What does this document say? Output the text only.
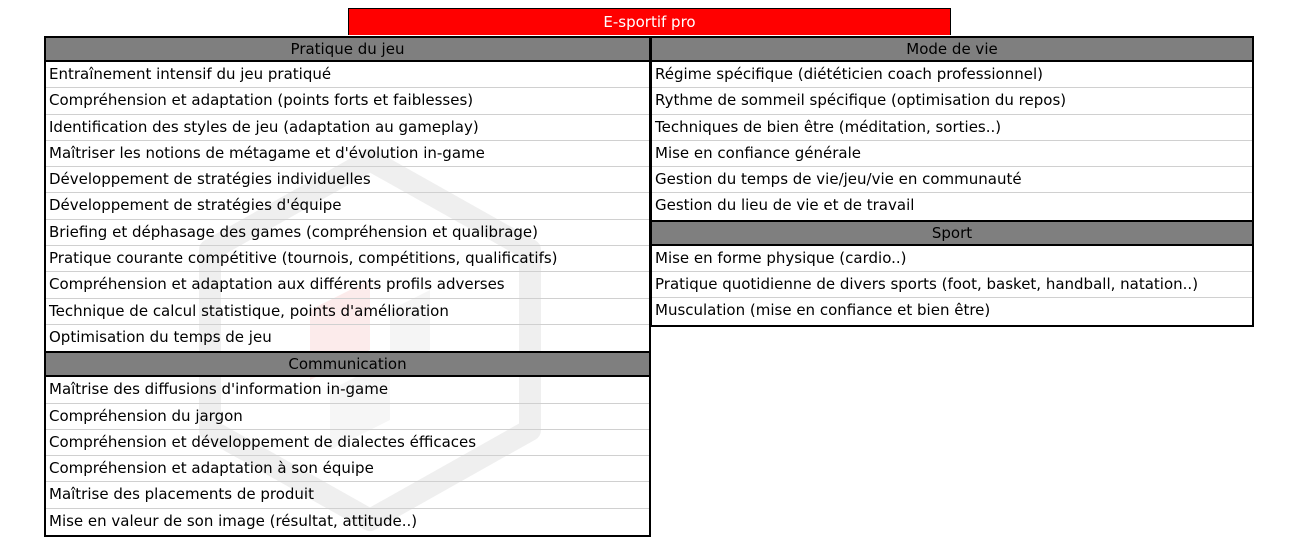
E-sportif pro
Pratique du jeu
Entraînement intensif du jeu pratiqué
Compréhension et adaptation (points forts et faiblesses)
Identification des styles de jeu (adaptation au gameplay)
Maîtriser les notions de métagame et d'évolution in-game
Développement de stratégies individuelles
Développement de stratégies d'équipe
Briefing et déphasage des games (compréhension et qualibrage)
Pratique courante compétitive (tournois, compétitions, qualificatifs)
Compréhension et adaptation aux différents profils adverses
Technique de calcul statistique, points d'amélioration
Optimisation du temps de jeu
Communication
Maîtrise des diffusions d'information in-game
Compréhension du jargon
Compréhension et développement de dialectes éfficaces
Compréhension et adaptation à son équipe
Maîtrise des placements de produit
Mise en valeur de son image (résultat, attitude..)
Mode de vie
Régime spécifique (diététicien coach professionnel)
Rythme de sommeil spécifique (optimisation du repos)
Techniques de bien être (méditation, sorties..)
Mise en confiance générale
Gestion du temps de vie/jeu/vie en communauté
Gestion du lieu de vie et de travail
Sport
Mise en forme physique (cardio..)
Pratique quotidienne de divers sports (foot, basket, handball, natation..)
Musculation (mise en confiance et bien être)
